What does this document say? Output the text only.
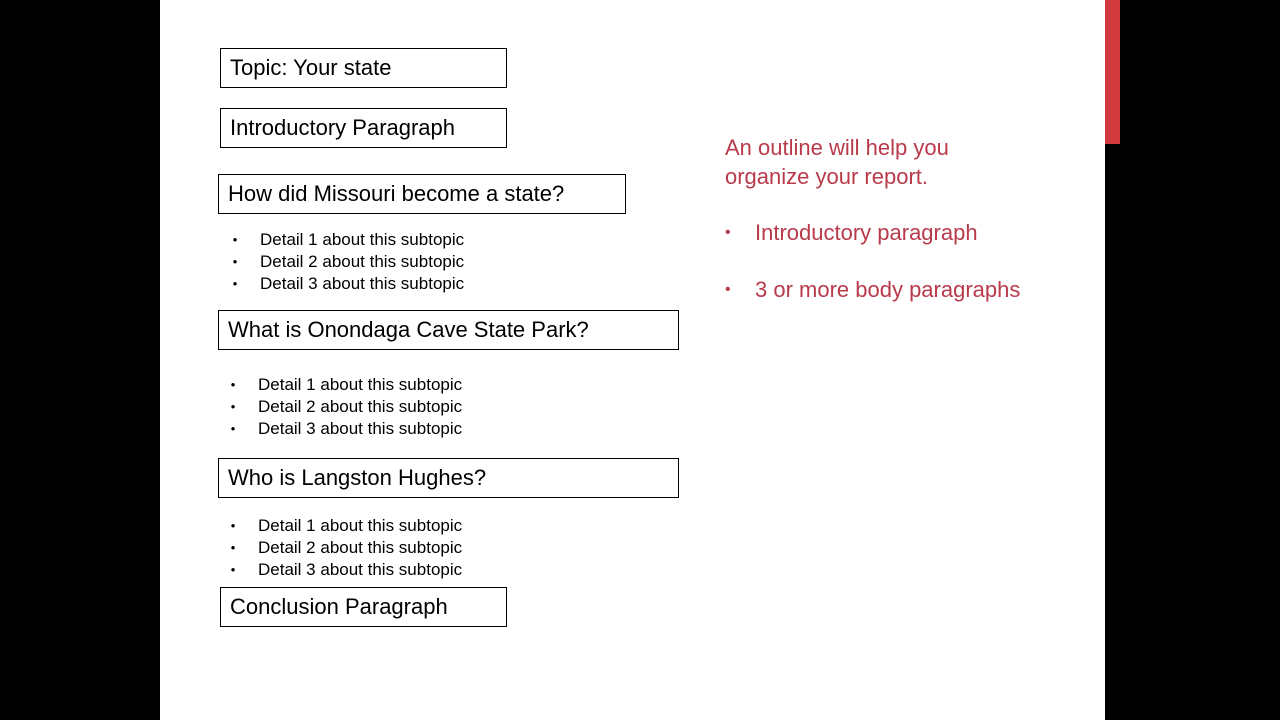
Topic: Your state
Introductory Paragraph
How did Missouri become a state?
• Detail 1 about this subtopic
• Detail 2 about this subtopic
• Detail 3 about this subtopic
What is Onondaga Cave State Park?
• Detail 1 about this subtopic
• Detail 2 about this subtopic
• Detail 3 about this subtopic
Who is Langston Hughes?
• Detail 1 about this subtopic
• Detail 2 about this subtopic
• Detail 3 about this subtopic
Conclusion Paragraph
An outline will help you organize your report.
• Introductory paragraph
• 3 or more body paragraphs
